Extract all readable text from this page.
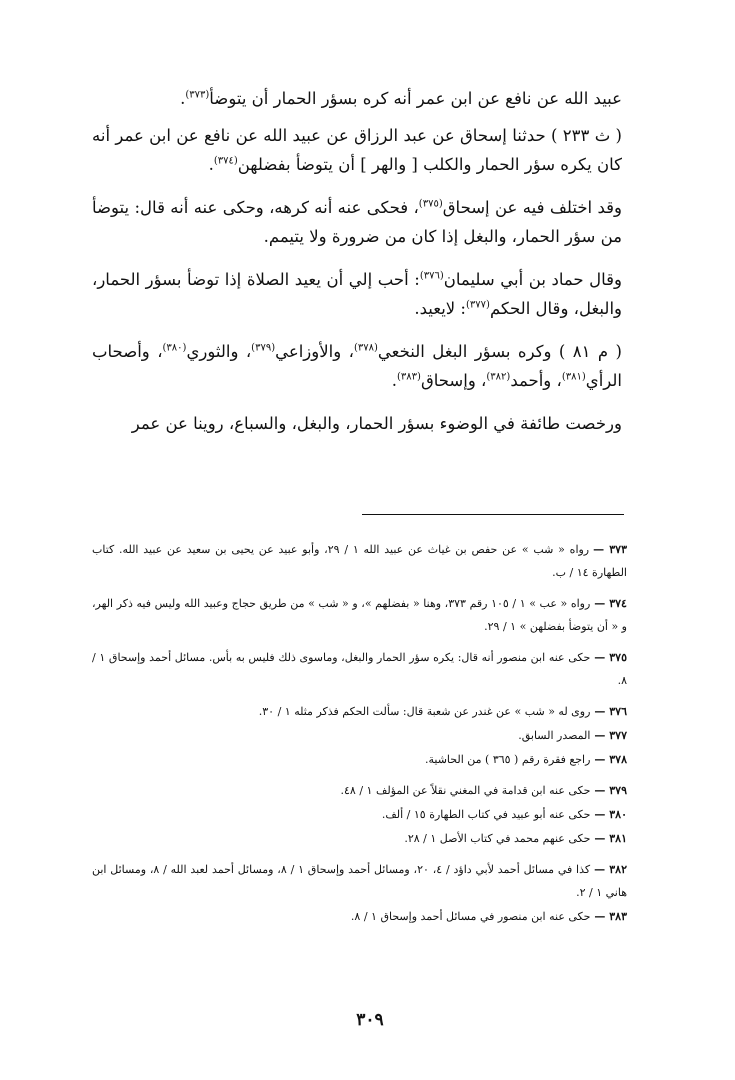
عبيد الله عن نافع عن ابن عمر أنه كره بسؤر الحمار أن يتوضأ$^{(٣٧٣)}$.

( ث ٢٣٣ ) حدثنا إسحاق عن عبد الرزاق عن عبيد الله عن نافع عن ابن عمر أنه كان يكره سؤر الحمار والكلب [ والهر ] أن يتوضأ بفضلهن$^{(٣٧٤)}$.

وقد اختلف فيه عن إسحاق$^{(٣٧٥)}$، فحكى عنه أنه كرهه، وحكى عنه أنه قال: يتوضأ من سؤر الحمار، والبغل إذا كان من ضرورة ولا يتيمم.

وقال حماد بن أبي سليمان$^{(٣٧٦)}$: أحب إلي أن يعيد الصلاة إذا توضأ بسؤر الحمار، والبغل، وقال الحكم$^{(٣٧٧)}$: لايعيد.

( م ٨١ ) وكره بسؤر البغل النخعي$^{(٣٧٨)}$، والأوزاعي$^{(٣٧٩)}$، والثوري$^{(٣٨٠)}$، وأصحاب الرأي$^{(٣٨١)}$، وأحمد$^{(٣٨٢)}$، وإسحاق$^{(٣٨٣)}$.

ورخصت طائفة في الوضوء بسؤر الحمار، والبغل، والسباع، روينا عن عمر

٣٧٣ —رواه « شب » عن حفص بن غياث عن عبيد الله ١ / ٢٩، وأبو عبيد عن يحيى بن سعيد عن عبيد الله. كتاب الطهارة ١٤ / ب.
٣٧٤ —رواه « عب » ١ / ١٠٥ رقم ٣٧٣، وهنا « بفضلهم »، و « شب » من طريق حجاج وعبيد الله وليس فيه ذكر الهر، و « أن يتوضأ بفضلهن » ١ / ٢٩.
٣٧٥ —حكى عنه ابن منصور أنه قال: يكره سؤر الحمار والبغل، وماسوى ذلك فليس به بأس. مسائل أحمد وإسحاق ١ / ٨.
٣٧٦ —روى له « شب » عن غندر عن شعبة قال: سألت الحكم فذكر مثله ١ / ٣٠.
٣٧٧ —المصدر السابق.
٣٧٨ —راجع فقرة رقم ( ٣٦٥ ) من الحاشية.
٣٧٩ —حكى عنه ابن قدامة في المغني نقلاً عن المؤلف ١ / ٤٨.
٣٨٠ —حكى عنه أبو عبيد في كتاب الطهارة ١٥ / ألف.
٣٨١ —حكى عنهم محمد في كتاب الأصل ١ / ٢٨.
٣٨٢ —كذا في مسائل أحمد لأبي داؤد / ٤، ٢٠، ومسائل أحمد وإسحاق ١ / ٨، ومسائل أحمد لعبد الله / ٨، ومسائل ابن هاني ١ / ٢.
٣٨٣ —حكى عنه ابن منصور في مسائل أحمد وإسحاق ١ / ٨.
٣٠٩
